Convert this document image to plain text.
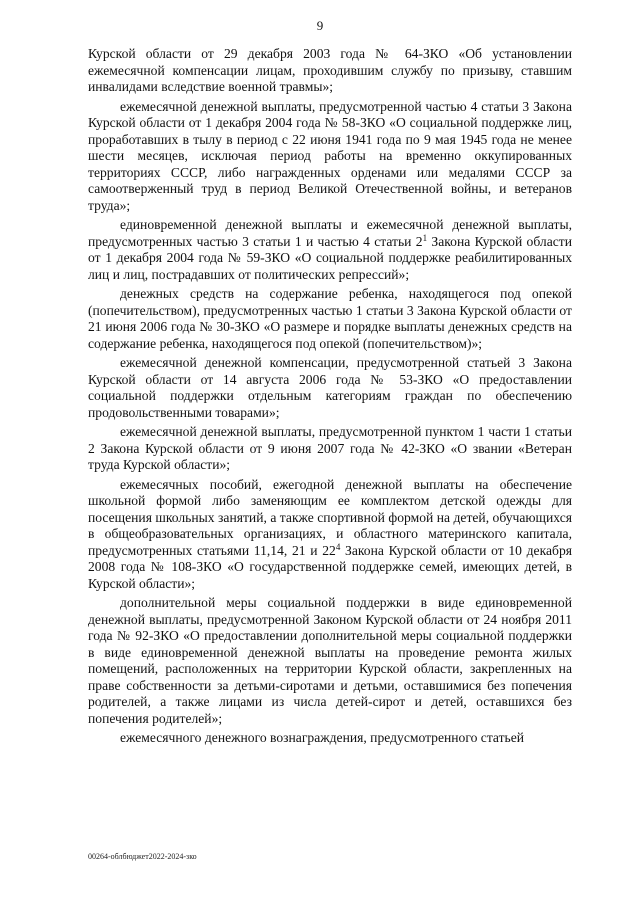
9

Курской области от 29 декабря 2003 года № 64-ЗКО «Об установлении ежемесячной компенсации лицам, проходившим службу по призыву, ставшим инвалидами вследствие военной травмы»;

ежемесячной денежной выплаты, предусмотренной частью 4 статьи 3 Закона Курской области от 1 декабря 2004 года № 58-ЗКО «О социальной поддержке лиц, проработавших в тылу в период с 22 июня 1941 года по 9 мая 1945 года не менее шести месяцев, исключая период работы на временно оккупированных территориях СССР, либо награжденных орденами или медалями СССР за самоотверженный труд в период Великой Отечественной войны, и ветеранов труда»;

единовременной денежной выплаты и ежемесячной денежной выплаты, предусмотренных частью 3 статьи 1 и частью 4 статьи $2^1$ Закона Курской области от 1 декабря 2004 года № 59-ЗКО «О социальной поддержке реабилитированных лиц и лиц, пострадавших от политических репрессий»;

денежных средств на содержание ребенка, находящегося под опекой (попечительством), предусмотренных частью 1 статьи 3 Закона Курской области от 21 июня 2006 года № 30-ЗКО «О размере и порядке выплаты денежных средств на содержание ребенка, находящегося под опекой (попечительством)»;

ежемесячной денежной компенсации, предусмотренной статьей 3 Закона Курской области от 14 августа 2006 года № 53-ЗКО «О предоставлении социальной поддержки отдельным категориям граждан по обеспечению продовольственными товарами»;

ежемесячной денежной выплаты, предусмотренной пунктом 1 части 1 статьи 2 Закона Курской области от 9 июня 2007 года № 42-ЗКО «О звании «Ветеран труда Курской области»;

ежемесячных пособий, ежегодной денежной выплаты на обеспечение школьной формой либо заменяющим ее комплектом детской одежды для посещения школьных занятий, а также спортивной формой на детей, обучающихся в общеобразовательных организациях, и областного материнского капитала, предусмотренных статьями 11,14, 21 и $22^4$ Закона Курской области от 10 декабря 2008 года № 108-ЗКО «О государственной поддержке семей, имеющих детей, в Курской области»;

дополнительной меры социальной поддержки в виде единовременной денежной выплаты, предусмотренной Законом Курской области от 24 ноября 2011 года № 92-ЗКО «О предоставлении дополнительной меры социальной поддержки в виде единовременной денежной выплаты на проведение ремонта жилых помещений, расположенных на территории Курской области, закрепленных на праве собственности за детьми-сиротами и детьми, оставшимися без попечения родителей, а также лицами из числа детей-сирот и детей, оставшихся без попечения родителей»;

ежемесячного денежного вознаграждения, предусмотренного статьей

00264-облбюджет2022-2024-зко
